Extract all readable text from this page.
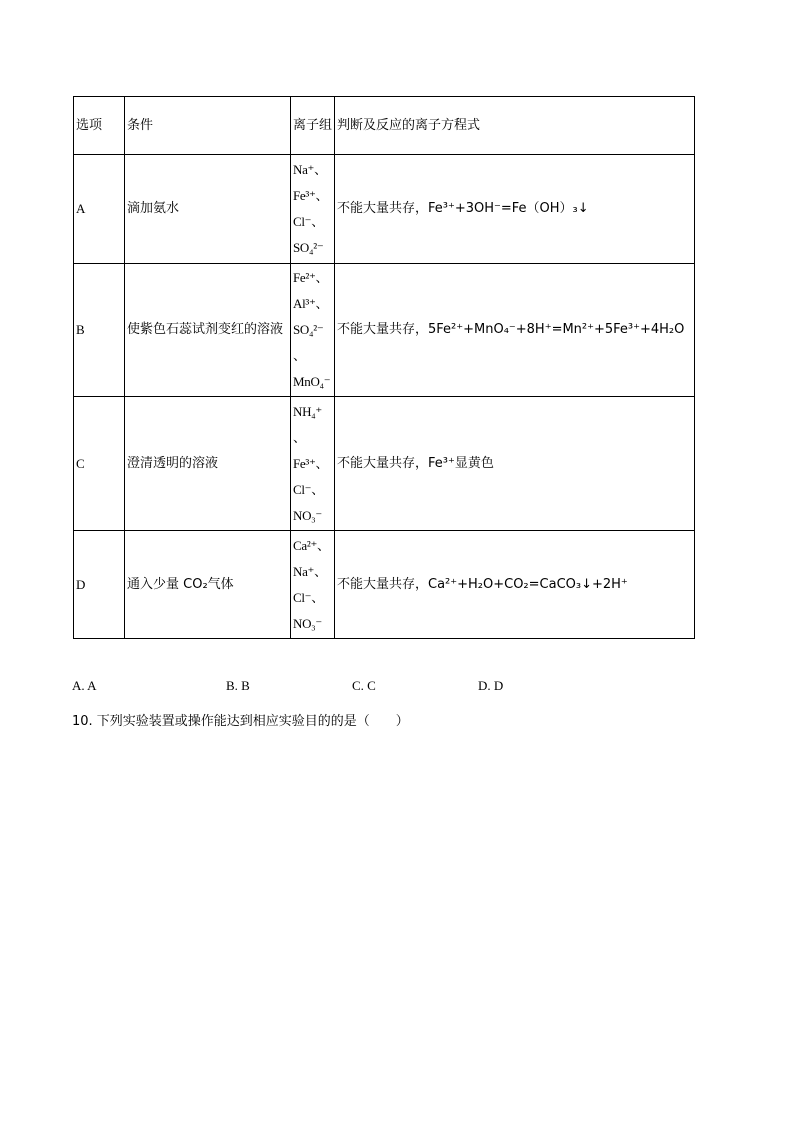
选项	条件	离子组	判断及反应的离子方程式
A	滴加氨水	Na⁺、
Fe³⁺、
Cl⁻、
SO₄²⁻	不能大量共存，Fe³⁺+3OH⁻=Fe（OH）₃↓
B	使紫色石蕊试剂变红的溶液	Fe²⁺、
Al³⁺、
SO₄²⁻
、
MnO₄⁻	不能大量共存，5Fe²⁺+MnO₄⁻+8H⁺=Mn²⁺+5Fe³⁺+4H₂O
C	澄清透明的溶液	NH₄⁺
、
Fe³⁺、
Cl⁻、
NO₃⁻	不能大量共存，Fe³⁺显黄色
D	通入少量 CO₂气体	Ca²⁺、
Na⁺、
Cl⁻、
NO₃⁻	不能大量共存，Ca²⁺+H₂O+CO₂=CaCO₃↓+2H⁺
A. A	B. B	C. C	D. D
10. 下列实验装置或操作能达到相应实验目的的是（　　）
